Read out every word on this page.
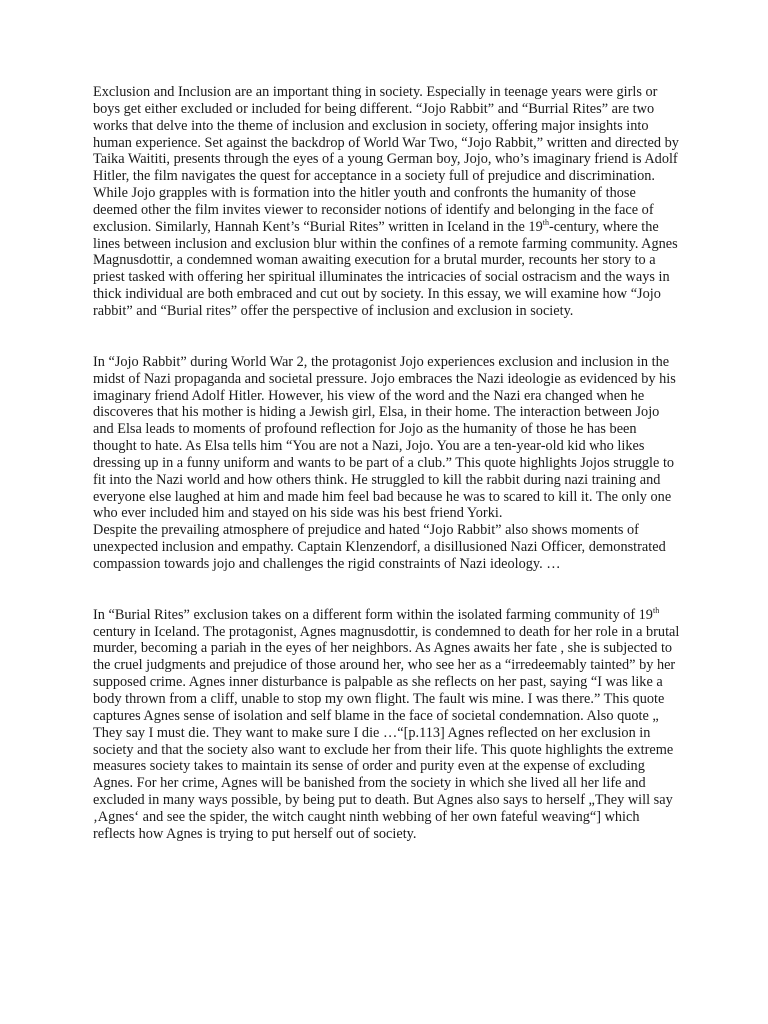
Exclusion and Inclusion are an important thing in society. Especially in teenage years were girls or boys get either excluded or included for being different. “Jojo Rabbit” and “Burrial Rites” are two works that delve into the theme of inclusion and exclusion in society, offering major insights into human experience. Set against the backdrop of World War Two, “Jojo Rabbit,” written and directed by Taika Waititi, presents through the eyes of a young German boy, Jojo, who’s imaginary friend is Adolf Hitler, the film navigates the quest for acceptance in a society full of prejudice and discrimination. While Jojo grapples with is formation into the hitler youth and confronts the humanity of those deemed other the film invites viewer to reconsider notions of identify and belonging in the face of exclusion. Similarly, Hannah Kent’s “Burial Rites” written in Iceland in the 19th-century, where the lines between inclusion and exclusion blur within the confines of a remote farming community. Agnes Magnusdottir, a condemned woman awaiting execution for a brutal murder, recounts her story to a priest tasked with offering her spiritual illuminates the intricacies of social ostracism and the ways in thick individual are both embraced and cut out by society. In this essay, we will examine how “Jojo rabbit” and “Burial rites” offer the perspective of inclusion and exclusion in society.

In “Jojo Rabbit” during World War 2, the protagonist Jojo experiences exclusion and inclusion in the midst of Nazi propaganda and societal pressure. Jojo embraces the Nazi ideologie as evidenced by his imaginary friend Adolf Hitler. However, his view of the word and the Nazi era changed when he discoveres that his mother is hiding a Jewish girl, Elsa, in their home. The interaction between Jojo and Elsa leads to moments of profound reflection for Jojo as the humanity of those he has been thought to hate. As Elsa tells him “You are not a Nazi, Jojo. You are a ten-year-old kid who likes dressing up in a funny uniform and wants to be part of a club.” This quote highlights Jojos struggle to fit into the Nazi world and how others think. He struggled to kill the rabbit during nazi training and everyone else laughed at him and made him feel bad because he was to scared to kill it. The only one who ever included him and stayed on his side was his best friend Yorki.

Despite the prevailing atmosphere of prejudice and hated “Jojo Rabbit” also shows moments of unexpected inclusion and empathy. Captain Klenzendorf, a disillusioned Nazi Officer, demonstrated compassion towards jojo and challenges the rigid constraints of Nazi ideology. …

In “Burial Rites” exclusion takes on a different form within the isolated farming community of 19th century in Iceland. The protagonist, Agnes magnusdottir, is condemned to death for her role in a brutal murder, becoming a pariah in the eyes of her neighbors. As Agnes awaits her fate , she is subjected to the cruel judgments and prejudice of those around her, who see her as a “irredeemably tainted” by her supposed crime. Agnes inner disturbance is palpable as she reflects on her past, saying “I was like a body thrown from a cliff, unable to stop my own flight. The fault wis mine. I was there.” This quote captures Agnes sense of isolation and self blame in the face of societal condemnation. Also quote „ They say I must die. They want to make sure I die …“[p.113] Agnes reflected on her exclusion in society and that the society also want to exclude her from their life. This quote highlights the extreme measures society takes to maintain its sense of order and purity even at the expense of excluding Agnes. For her crime, Agnes will be banished from the society in which she lived all her life and excluded in many ways possible, by being put to death. But Agnes also says to herself „They will say ‚Agnes‘ and see the spider, the witch caught ninth webbing of her own fateful weaving“] which reflects how Agnes is trying to put herself out of society.
